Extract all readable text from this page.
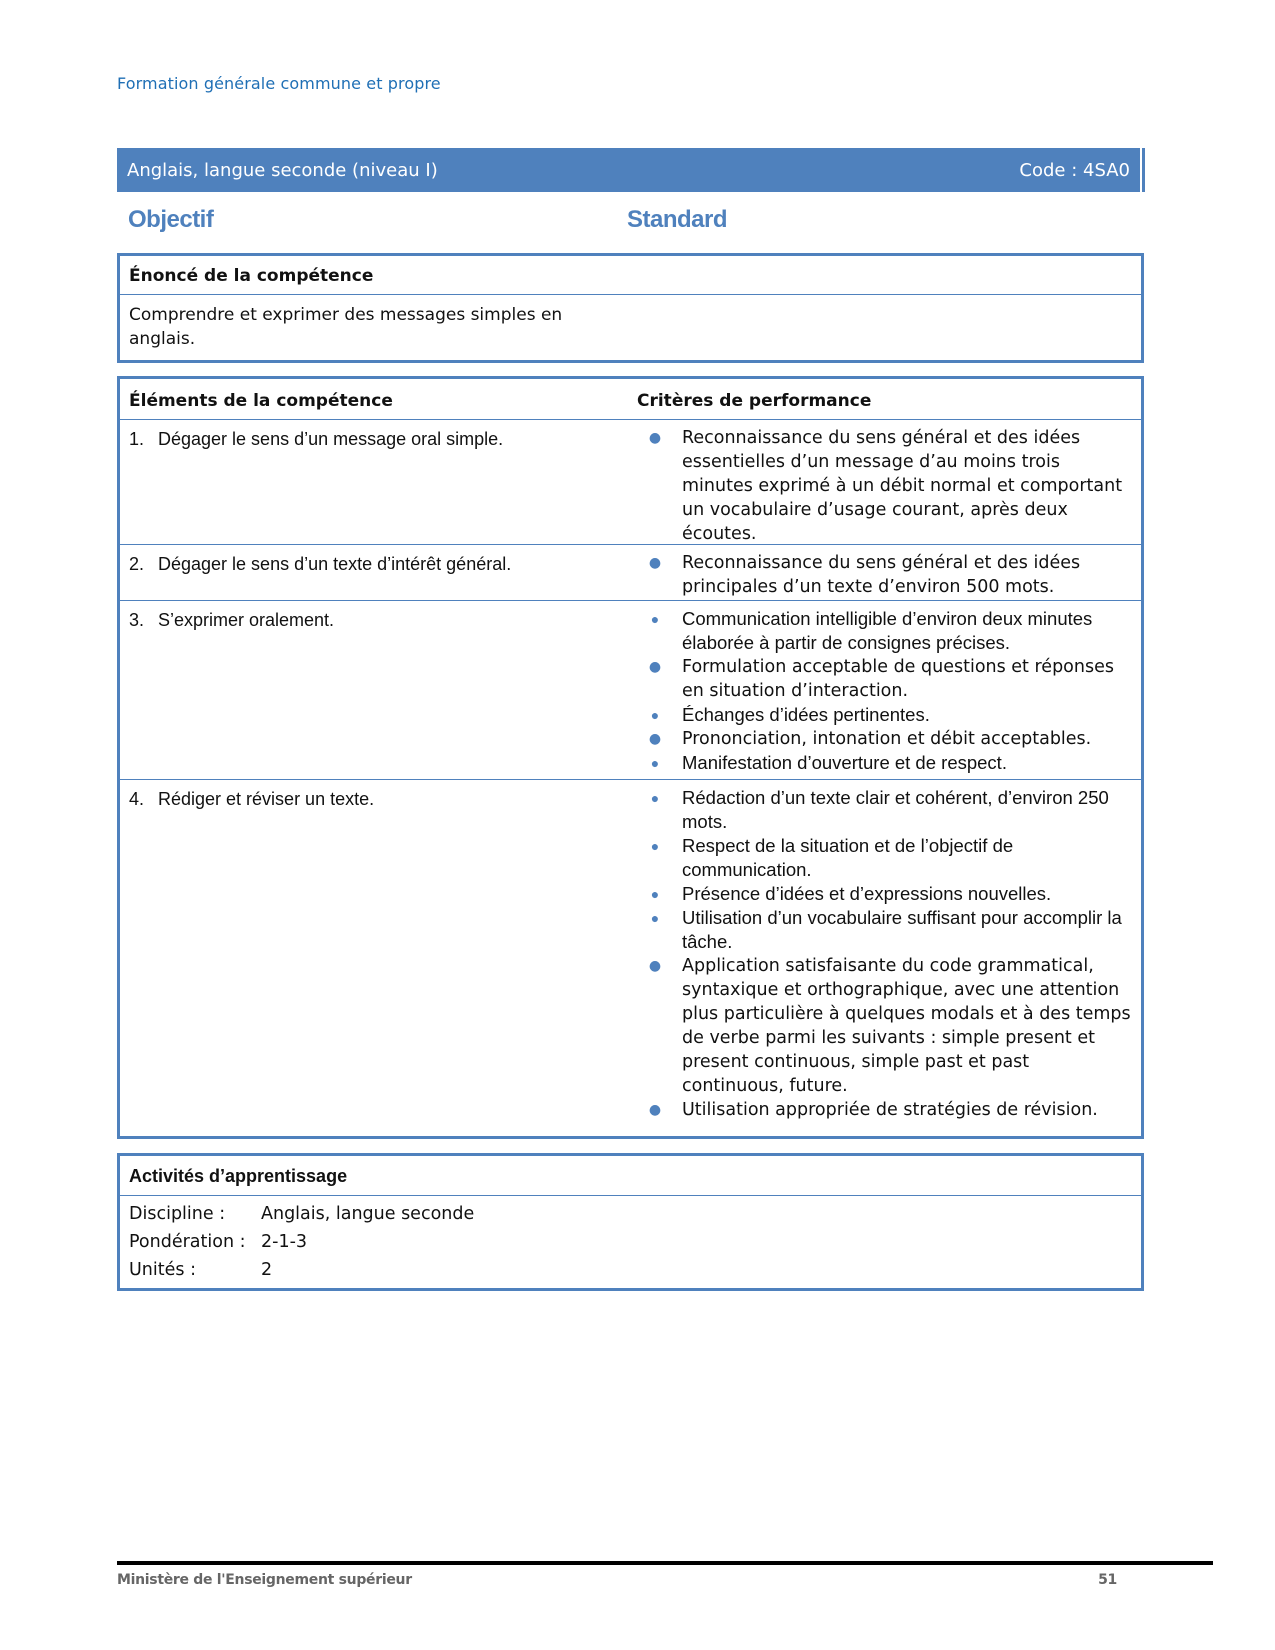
Formation générale commune et propre
Anglais, langue seconde (niveau I)	Code : 4SA0
Objectif	Standard
Énoncé de la compétence
Comprendre et exprimer des messages simples en anglais.
Éléments de la compétence	Critères de performance
1. Dégager le sens d’un message oral simple.	●	Reconnaissance du sens général et des idées essentielles d’un message d’au moins trois minutes exprimé à un débit normal et comportant un vocabulaire d’usage courant, après deux écoutes.
2. Dégager le sens d’un texte d’intérêt général.	●	Reconnaissance du sens général et des idées principales d’un texte d’environ 500 mots.
3. S’exprimer oralement.	●	Communication intelligible d’environ deux minutes élaborée à partir de consignes précises.
●	Formulation acceptable de questions et réponses en situation d’interaction.
●	Échanges d’idées pertinentes.
●	Prononciation, intonation et débit acceptables.
●	Manifestation d’ouverture et de respect.
4. Rédiger et réviser un texte.	●	Rédaction d’un texte clair et cohérent, d’environ 250 mots.
●	Respect de la situation et de l’objectif de communication.
●	Présence d’idées et d’expressions nouvelles.
●	Utilisation d’un vocabulaire suffisant pour accomplir la tâche.
●	Application satisfaisante du code grammatical, syntaxique et orthographique, avec une attention plus particulière à quelques modals et à des temps de verbe parmi les suivants : simple present et present continuous, simple past et past continuous, future.
●	Utilisation appropriée de stratégies de révision.
Activités d’apprentissage
Discipline :	Anglais, langue seconde
Pondération : 2-1-3
Unités :	2
Ministère de l'Enseignement supérieur	51
